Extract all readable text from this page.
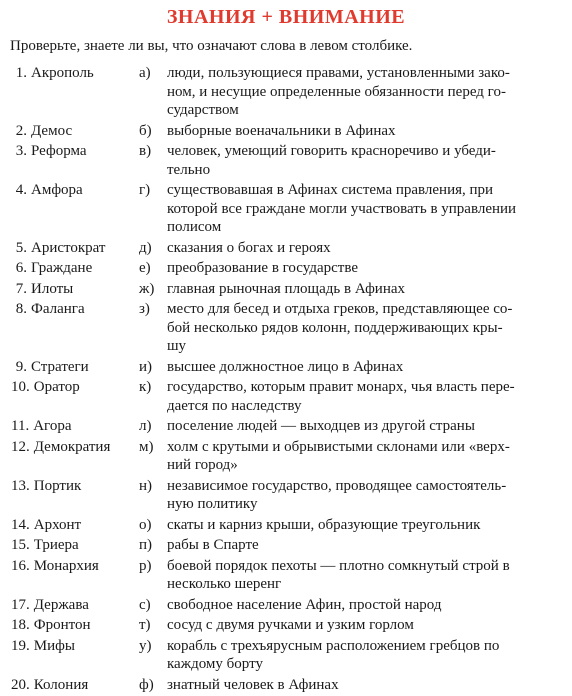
ЗНАНИЯ + ВНИМАНИЕ
Проверьте, знаете ли вы, что означают слова в левом столбике.
1. Акрополь	а)	люди, пользующиеся правами, установленными зако-
ном, и несущие определенные обязанности перед го-
сударством
2. Демос	б)	выборные военачальники в Афинах
3. Реформа	в)	человек, умеющий говорить красноречиво и убеди-
тельно
4. Амфора	г)	существовавшая в Афинах система правления, при
которой все граждане могли участвовать в управлении
полисом
5. Аристократ	д)	сказания о богах и героях
6. Граждане	е)	преобразование в государстве
7. Илоты	ж) главная рыночная площадь в Афинах
8. Фаланга	з)	место для бесед и отдыха греков, представляющее со-
бой несколько рядов колонн, поддерживающих кры-
шу
9. Стратеги	и) высшее должностное лицо в Афинах
10. Оратор	к)	государство, которым правит монарх, чья власть пере-
дается по наследству
11. Агора	л)	поселение людей — выходцев из другой страны
12. Демократия	м) холм с крутыми и обрывистыми склонами или «верх-
ний город»
13. Портик	н) независимое государство, проводящее самостоятель-
ную политику
14. Архонт	о)	скаты и карниз крыши, образующие треугольник
15. Триера	п) рабы в Спарте
16. Монархия	р)	боевой порядок пехоты — плотно сомкнутый строй в
несколько шеренг
17. Держава	с)	свободное население Афин, простой народ
18. Фронтон	т)	сосуд с двумя ручками и узким горлом
19. Мифы	у)	корабль с трехъярусным расположением гребцов по
каждому борту
20. Колония	ф) знатный человек в Афинах
